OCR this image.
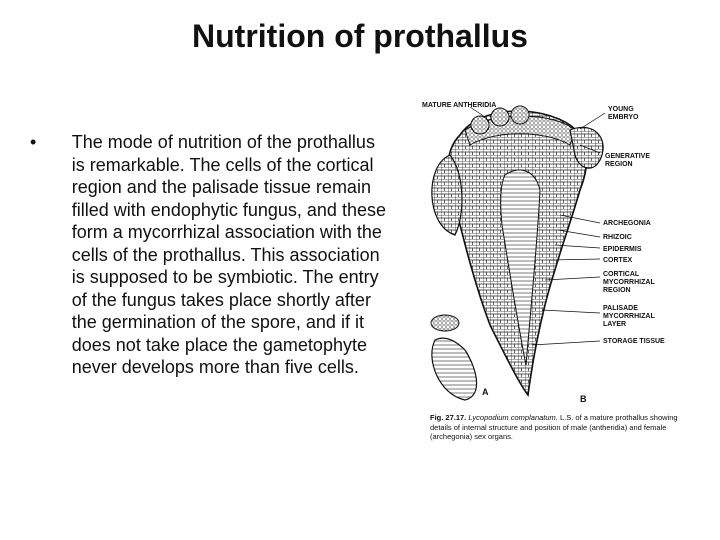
Nutrition of prothallus
•	The mode of nutrition of the prothallus is remarkable. The cells of the cortical region and the palisade tissue remain filled with endophytic fungus, and these form a mycorrhizal association with the cells of the prothallus. This association is supposed to be symbiotic. The entry of the fungus takes place shortly after the germination of the spore, and if it does not take place the gametophyte never develops more than five cells.
MATURE ANTHERIDIA
YOUNG
EMBRYO
GENERATIVE
REGION
ARCHEGONIA
RHIZOIC
EPIDERMIS
CORTEX
CORTICAL
MYCORRHIZAL
REGION
PALISADE
MYCORRHIZAL
LAYER
STORAGE TISSUE
A
B
Fig. 27.17. Lycopodium complanatum. L.S. of a mature prothallus showing details of internal structure and position of male (antheridia) and female (archegonia) sex organs.
